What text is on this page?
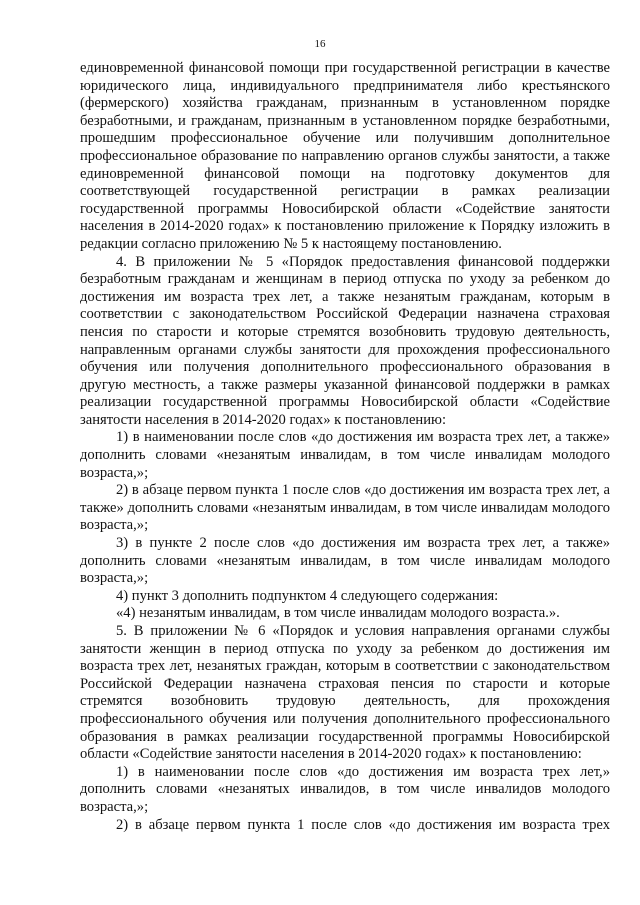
16

единовременной финансовой помощи при государственной регистрации в качестве юридического лица, индивидуального предпринимателя либо крестьянского (фермерского) хозяйства гражданам, признанным в установленном порядке безработными, и гражданам, признанным в установленном порядке безработными, прошедшим профессиональное обучение или получившим дополнительное профессиональное образование по направлению органов службы занятости, а также единовременной финансовой помощи на подготовку документов для соответствующей государственной регистрации в рамках реализации государственной программы Новосибирской области «Содействие занятости населения в 2014-2020 годах» к постановлению приложение к Порядку изложить в редакции согласно приложению № 5 к настоящему постановлению.

4. В приложении № 5 «Порядок предоставления финансовой поддержки безработным гражданам и женщинам в период отпуска по уходу за ребенком до достижения им возраста трех лет, а также незанятым гражданам, которым в соответствии с законодательством Российской Федерации назначена страховая пенсия по старости и которые стремятся возобновить трудовую деятельность, направленным органами службы занятости для прохождения профессионального обучения или получения дополнительного профессионального образования в другую местность, а также размеры указанной финансовой поддержки в рамках реализации государственной программы Новосибирской области «Содействие занятости населения в 2014-2020 годах» к постановлению:

1) в наименовании после слов «до достижения им возраста трех лет, а также» дополнить словами «незанятым инвалидам, в том числе инвалидам молодого возраста,»;

2) в абзаце первом пункта 1 после слов «до достижения им возраста трех лет, а также» дополнить словами «незанятым инвалидам, в том числе инвалидам молодого возраста,»;

3) в пункте 2 после слов «до достижения им возраста трех лет, а также» дополнить словами «незанятым инвалидам, в том числе инвалидам молодого возраста,»;

4) пункт 3 дополнить подпунктом 4 следующего содержания:

«4) незанятым инвалидам, в том числе инвалидам молодого возраста.».

5. В приложении № 6 «Порядок и условия направления органами службы занятости женщин в период отпуска по уходу за ребенком до достижения им возраста трех лет, незанятых граждан, которым в соответствии с законодательством Российской Федерации назначена страховая пенсия по старости и которые стремятся возобновить трудовую деятельность, для прохождения профессионального обучения или получения дополнительного профессионального образования в рамках реализации государственной программы Новосибирской области «Содействие занятости населения в 2014-2020 годах» к постановлению:

1) в наименовании после слов «до достижения им возраста трех лет,» дополнить словами «незанятых инвалидов, в том числе инвалидов молодого возраста,»;

2) в абзаце первом пункта 1 после слов «до достижения им возраста трех
